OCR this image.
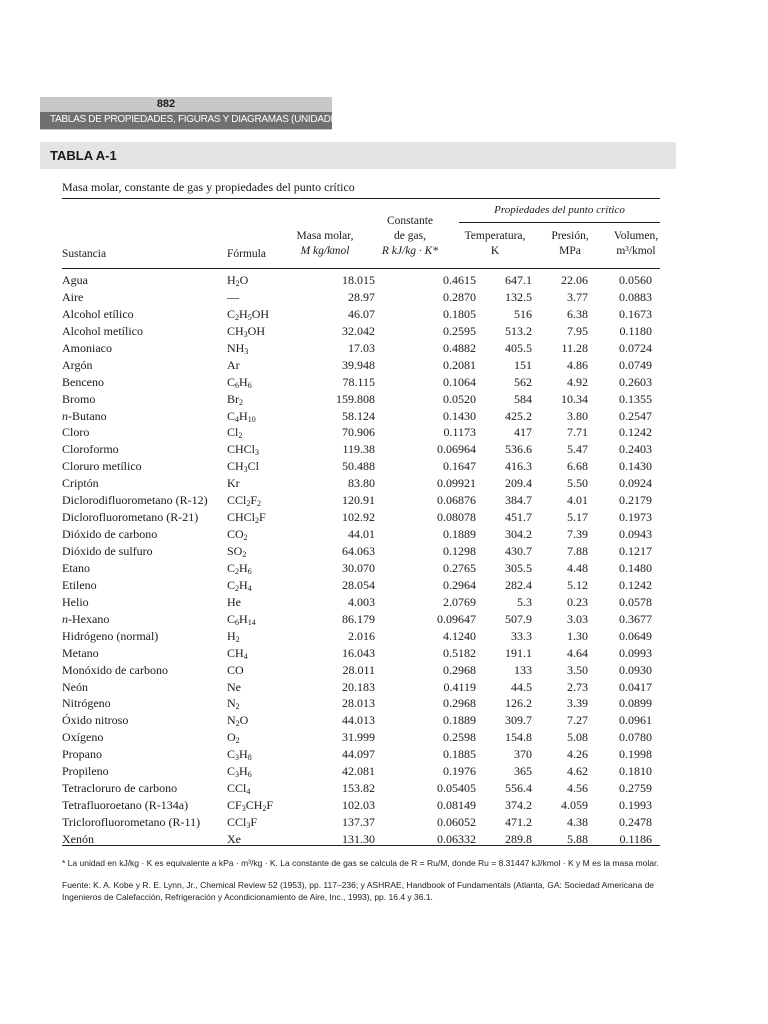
882
TABLAS DE PROPIEDADES, FIGURAS Y DIAGRAMAS (UNIDADES SI)
TABLA A-1
Masa molar, constante de gas y propiedades del punto crítico
Propiedades del punto crítico
Sustancia	Fórmula
Masa molar,
M kg/kmol
Constante
de gas,
R kJ/kg · K*
Temperatura,
K
Presión,
MPa
Volumen,
m³/kmol
Agua	$H_2O$	18.015	0.4615	647.1	22.06	0.0560
Aire	—	28.97	0.2870	132.5	3.77	0.0883
Alcohol etílico	$C_2H_5OH$	46.07	0.1805	516	6.38	0.1673
Alcohol metílico	$CH_3OH$	32.042	0.2595	513.2	7.95	0.1180
Amoniaco	$NH_3$	17.03	0.4882	405.5	11.28	0.0724
Argón	Ar	39.948	0.2081	151	4.86	0.0749
Benceno	$C_6H_6$	78.115	0.1064	562	4.92	0.2603
Bromo	$Br_2$	159.808	0.0520	584	10.34	0.1355
n-Butano	$C_4H_{10}$	58.124	0.1430	425.2	3.80	0.2547
Cloro	$Cl_2$	70.906	0.1173	417	7.71	0.1242
Cloroformo	CHCl$_3$	119.38	0.06964	536.6	5.47	0.2403
Cloruro metílico	$CH_3Cl$	50.488	0.1647	416.3	6.68	0.1430
Criptón	Kr	83.80	0.09921	209.4	5.50	0.0924
Diclorodifluorometano (R-12) $CCl_2F_2$	120.91	0.06876	384.7	4.01	0.2179
Diclorofluorometano (R-21) CHCl$_2$F	102.92	0.08078	451.7	5.17	0.1973
Dióxido de carbono	$CO_2$	44.01	0.1889	304.2	7.39	0.0943
Dióxido de sulfuro	$SO_2$	64.063	0.1298	430.7	7.88	0.1217
Etano	$C_2H_6$	30.070	0.2765	305.5	4.48	0.1480
Etileno	$C_2H_4$	28.054	0.2964	282.4	5.12	0.1242
Helio	He	4.003	2.0769	5.3	0.23	0.0578
n-Hexano	$C_6H_{14}$	86.179	0.09647	507.9	3.03	0.3677
Hidrógeno (normal)	$H_2$	2.016	4.1240	33.3	1.30	0.0649
Metano	$CH_4$	16.043	0.5182	191.1	4.64	0.0993
Monóxido de carbono	CO	28.011	0.2968	133	3.50	0.0930
Neón	Ne	20.183	0.4119	44.5	2.73	0.0417
Nitrógeno	$N_2$	28.013	0.2968	126.2	3.39	0.0899
Óxido nitroso	$N_2O$	44.013	0.1889	309.7	7.27	0.0961
Oxígeno	$O_2$	31.999	0.2598	154.8	5.08	0.0780
Propano	$C_3H_8$	44.097	0.1885	370	4.26	0.1998
Propileno	$C_3H_6$	42.081	0.1976	365	4.62	0.1810
Tetracloruro de carbono	CCl$_4$	153.82	0.05405	556.4	4.56	0.2759
Tetrafluoroetano (R-134a)	$CF_3CH_2F$	102.03	0.08149	374.2	4.059	0.1993
Triclorofluorometano (R-11) CCl$_3$F	137.37	0.06052	471.2	4.38	0.2478
Xenón	Xe	131.30	0.06332	289.8	5.88	0.1186
* La unidad en kJ/kg · K es equivalente a kPa · m³/kg · K. La constante de gas se calcula de R = Ru/M, donde Ru = 8.31447 kJ/kmol · K y M es la masa molar.
Fuente: K. A. Kobe y R. E. Lynn, Jr., Chemical Review 52 (1953), pp. 117–236; y ASHRAE, Handbook of Fundamentals (Atlanta, GA: Sociedad Americana de Ingenieros de Calefacción, Refrigeración y Acondicionamiento de Aire, Inc., 1993), pp. 16.4 y 36.1.
